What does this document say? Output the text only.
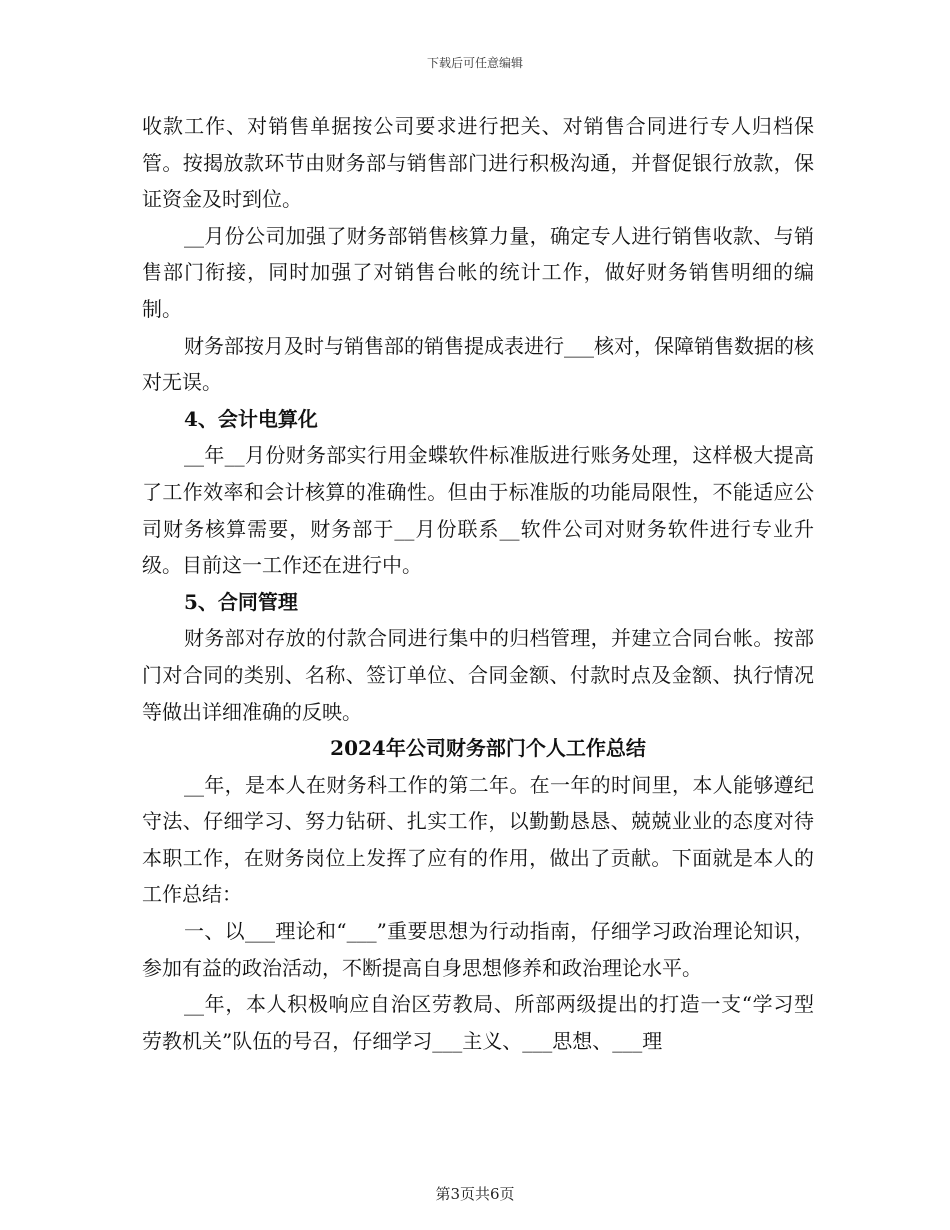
下载后可任意编辑

收款工作、对销售单据按公司要求进行把关、对销售合同进行专人归档保管。按揭放款环节由财务部与销售部门进行积极沟通，并督促银行放款，保证资金及时到位。

__月份公司加强了财务部销售核算力量，确定专人进行销售收款、与销售部门衔接，同时加强了对销售台帐的统计工作，做好财务销售明细的编制。

财务部按月及时与销售部的销售提成表进行___核对，保障销售数据的核对无误。

4、会计电算化

__年__月份财务部实行用金蝶软件标准版进行账务处理，这样极大提高了工作效率和会计核算的准确性。但由于标准版的功能局限性，不能适应公司财务核算需要，财务部于__月份联系__软件公司对财务软件进行专业升级。目前这一工作还在进行中。

5、合同管理

财务部对存放的付款合同进行集中的归档管理，并建立合同台帐。按部门对合同的类别、名称、签订单位、合同金额、付款时点及金额、执行情况等做出详细准确的反映。

2024年公司财务部门个人工作总结

__年，是本人在财务科工作的第二年。在一年的时间里，本人能够遵纪守法、仔细学习、努力钻研、扎实工作，以勤勤恳恳、兢兢业业的态度对待本职工作，在财务岗位上发挥了应有的作用，做出了贡献。下面就是本人的工作总结：

一、以___理论和“___”重要思想为行动指南，仔细学习政治理论知识，参加有益的政治活动，不断提高自身思想修养和政治理论水平。

__年，本人积极响应自治区劳教局、所部两级提出的打造一支“学习型劳教机关”队伍的号召，仔细学习___主义、___思想、___理

第3页共6页
